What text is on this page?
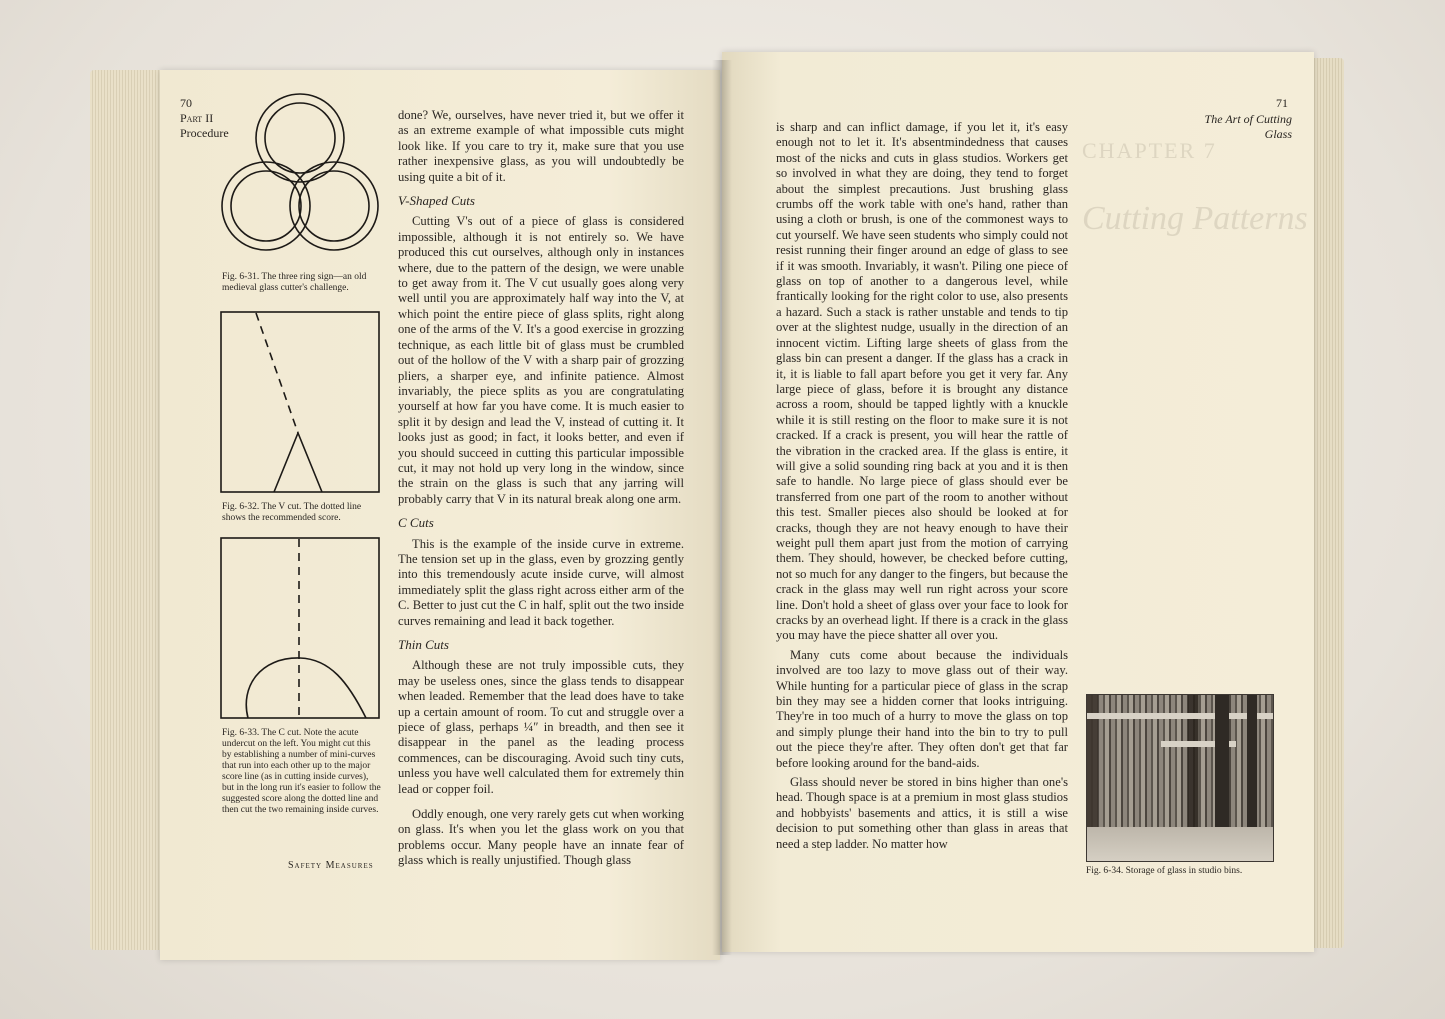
70
Part II
Procedure
Fig. 6-31. The three ring sign—an old medieval glass cutter's challenge.
Fig. 6-32. The V cut. The dotted line shows the recommended score.
Fig. 6-33. The C cut. Note the acute undercut on the left. You might cut this by establishing a number of mini-curves that run into each other up to the major score line (as in cutting inside curves), but in the long run it's easier to follow the suggested score along the dotted line and then cut the two remaining inside curves.
Safety Measures

done? We, ourselves, have never tried it, but we offer it as an extreme example of what impossible cuts might look like. If you care to try it, make sure that you use rather inexpensive glass, as you will undoubtedly be using quite a bit of it.

V-Shaped Cuts

Cutting V's out of a piece of glass is considered impossible, although it is not entirely so. We have produced this cut ourselves, although only in instances where, due to the pattern of the design, we were unable to get away from it. The V cut usually goes along very well until you are approximately half way into the V, at which point the entire piece of glass splits, right along one of the arms of the V. It's a good exercise in grozzing technique, as each little bit of glass must be crumbled out of the hollow of the V with a sharp pair of grozzing pliers, a sharper eye, and infinite patience. Almost invariably, the piece splits as you are congratulating yourself at how far you have come. It is much easier to split it by design and lead the V, instead of cutting it. It looks just as good; in fact, it looks better, and even if you should succeed in cutting this particular impossible cut, it may not hold up very long in the window, since the strain on the glass is such that any jarring will probably carry that V in its natural break along one arm.

C Cuts

This is the example of the inside curve in extreme. The tension set up in the glass, even by grozzing gently into this tremendously acute inside curve, will almost immediately split the glass right across either arm of the C. Better to just cut the C in half, split out the two inside curves remaining and lead it back together.

Thin Cuts

Although these are not truly impossible cuts, they may be useless ones, since the glass tends to disappear when leaded. Remember that the lead does have to take up a certain amount of room. To cut and struggle over a piece of glass, perhaps ¼″ in breadth, and then see it disappear in the panel as the leading process commences, can be discouraging. Avoid such tiny cuts, unless you have well calculated them for extremely thin lead or copper foil.

Oddly enough, one very rarely gets cut when working on glass. It's when you let the glass work on you that problems occur. Many people have an innate fear of glass which is really unjustified. Though glass

71
The Art of Cutting Glass
CHAPTER 7
Cutting Patterns

is sharp and can inflict damage, if you let it, it's easy enough not to let it. It's absentmindedness that causes most of the nicks and cuts in glass studios. Workers get so involved in what they are doing, they tend to forget about the simplest precautions. Just brushing glass crumbs off the work table with one's hand, rather than using a cloth or brush, is one of the commonest ways to cut yourself. We have seen students who simply could not resist running their finger around an edge of glass to see if it was smooth. Invariably, it wasn't. Piling one piece of glass on top of another to a dangerous level, while frantically looking for the right color to use, also presents a hazard. Such a stack is rather unstable and tends to tip over at the slightest nudge, usually in the direction of an innocent victim. Lifting large sheets of glass from the glass bin can present a danger. If the glass has a crack in it, it is liable to fall apart before you get it very far. Any large piece of glass, before it is brought any distance across a room, should be tapped lightly with a knuckle while it is still resting on the floor to make sure it is not cracked. If a crack is present, you will hear the rattle of the vibration in the cracked area. If the glass is entire, it will give a solid sounding ring back at you and it is then safe to handle. No large piece of glass should ever be transferred from one part of the room to another without this test. Smaller pieces also should be looked at for cracks, though they are not heavy enough to have their weight pull them apart just from the motion of carrying them. They should, however, be checked before cutting, not so much for any danger to the fingers, but because the crack in the glass may well run right across your score line. Don't hold a sheet of glass over your face to look for cracks by an overhead light. If there is a crack in the glass you may have the piece shatter all over you.

Many cuts come about because the individuals involved are too lazy to move glass out of their way. While hunting for a particular piece of glass in the scrap bin they may see a hidden corner that looks intriguing. They're in too much of a hurry to move the glass on top and simply plunge their hand into the bin to try to pull out the piece they're after. They often don't get that far before looking around for the band-aids.

Glass should never be stored in bins higher than one's head. Though space is at a premium in most glass studios and hobbyists' basements and attics, it is still a wise decision to put something other than glass in areas that need a step ladder. No matter how

Fig. 6-34. Storage of glass in studio bins.
